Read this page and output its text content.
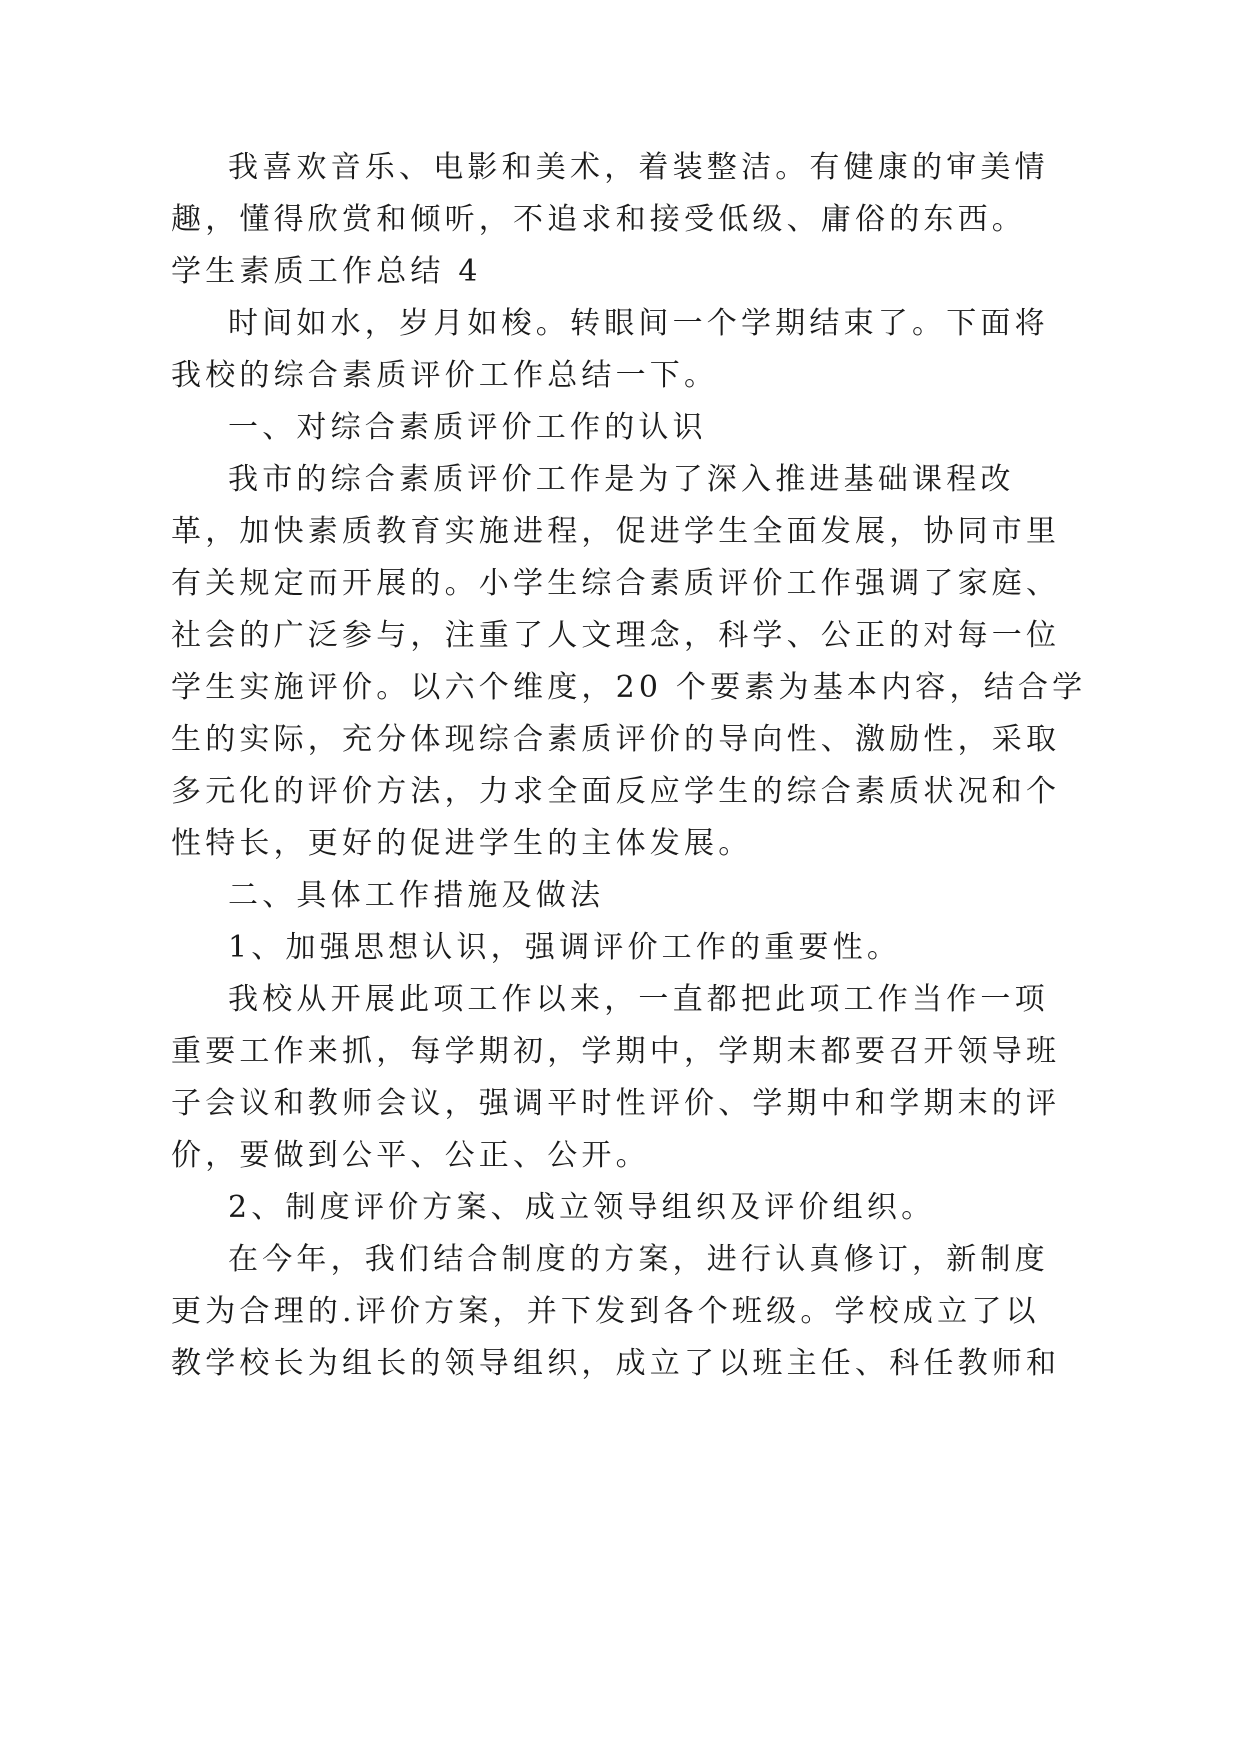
我喜欢音乐、电影和美术，着装整洁。有健康的审美情
趣，懂得欣赏和倾听，不追求和接受低级、庸俗的东西。
学生素质工作总结 4
时间如水，岁月如梭。转眼间一个学期结束了。下面将
我校的综合素质评价工作总结一下。
一、对综合素质评价工作的认识
我市的综合素质评价工作是为了深入推进基础课程改
革，加快素质教育实施进程，促进学生全面发展，协同市里
有关规定而开展的。小学生综合素质评价工作强调了家庭、
社会的广泛参与，注重了人文理念，科学、公正的对每一位
学生实施评价。以六个维度，20 个要素为基本内容，结合学
生的实际，充分体现综合素质评价的导向性、激励性，采取
多元化的评价方法，力求全面反应学生的综合素质状况和个
性特长，更好的促进学生的主体发展。
二、具体工作措施及做法
1、加强思想认识，强调评价工作的重要性。
我校从开展此项工作以来，一直都把此项工作当作一项
重要工作来抓，每学期初，学期中，学期末都要召开领导班
子会议和教师会议，强调平时性评价、学期中和学期末的评
价，要做到公平、公正、公开。
2、制度评价方案、成立领导组织及评价组织。
在今年，我们结合制度的方案，进行认真修订，新制度
更为合理的.评价方案，并下发到各个班级。学校成立了以
教学校长为组长的领导组织，成立了以班主任、科任教师和
